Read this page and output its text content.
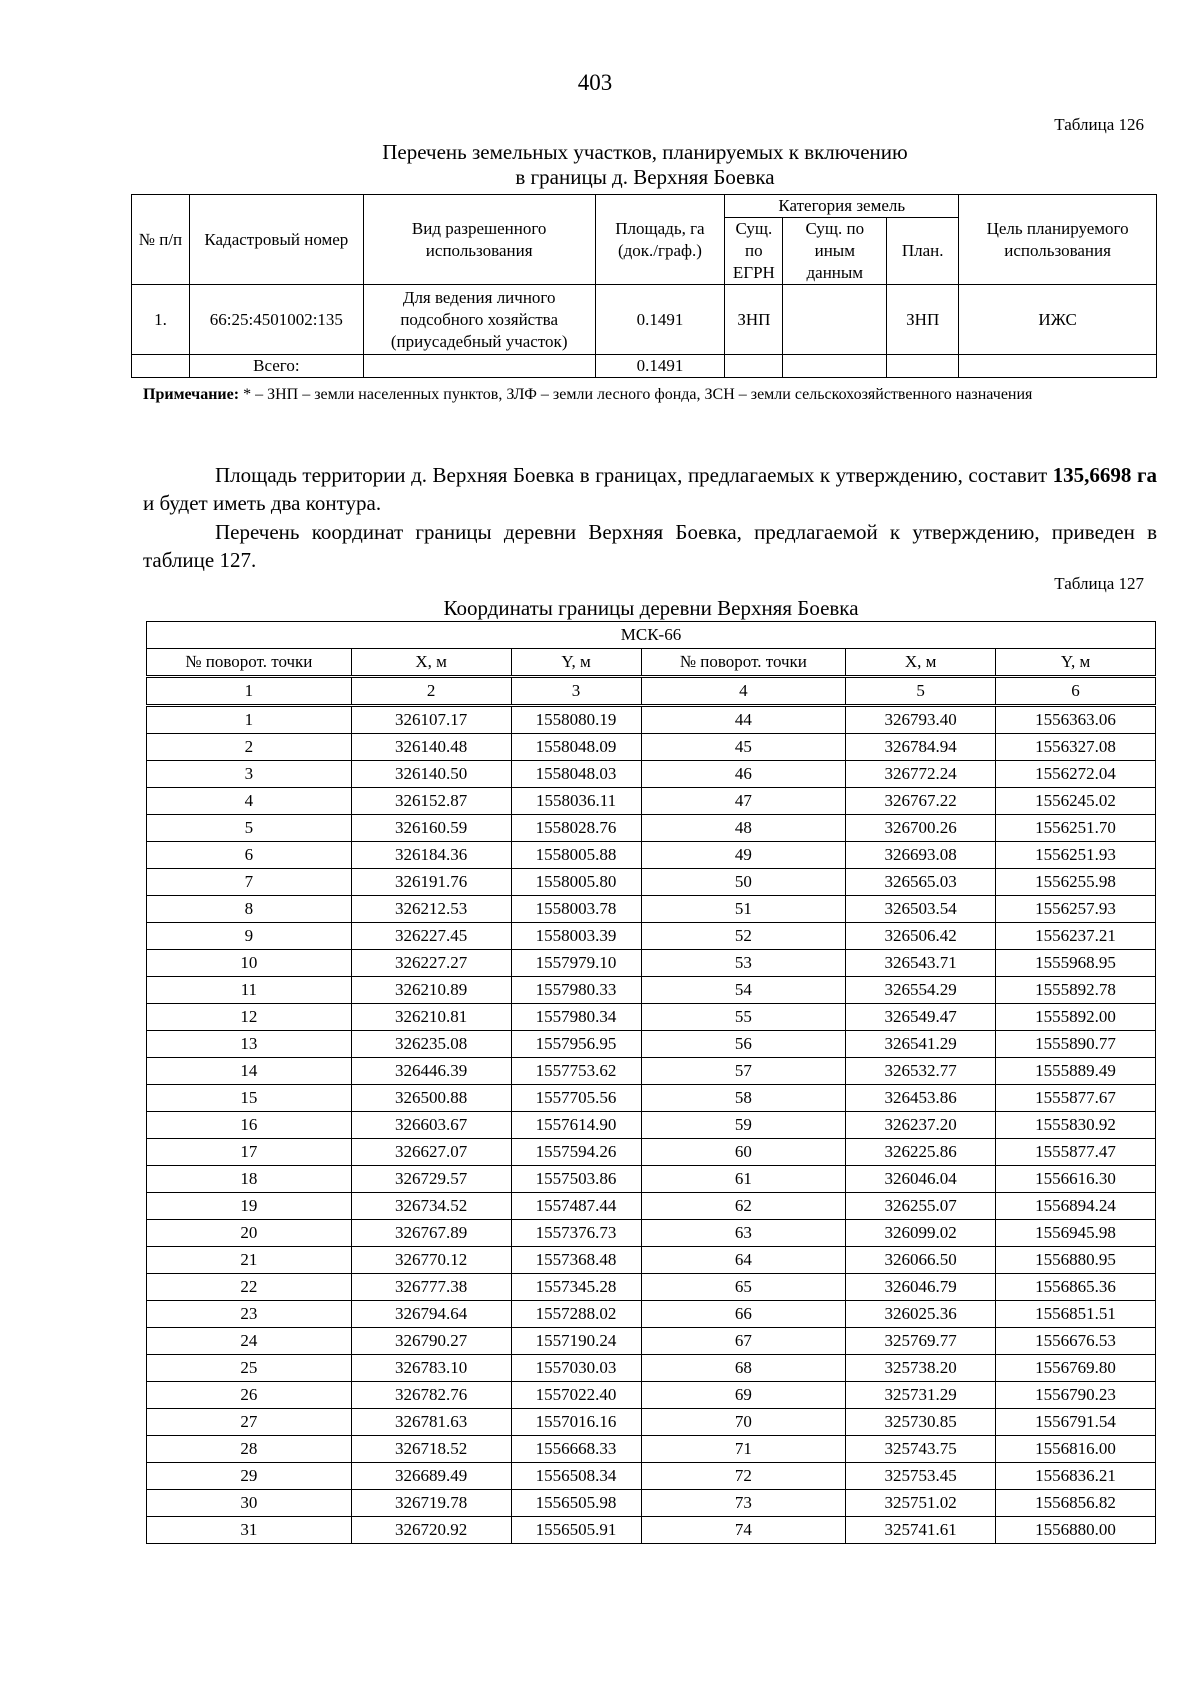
403
Таблица 126
Перечень земельных участков, планируемых к включению
в границы д. Верхняя Боевка
№ п/п	Кадастровый номер	Вид разрешенного использования	Площадь, га (док./граф.)	Категория земель			Цель планируемого использования
				Сущ. по ЕГРН	Сущ. по иным данным	План.	
1.	66:25:4501002:135	Для ведения личного подсобного хозяйства (приусадебный участок)	0.1491	ЗНП		ЗНП	ИЖС
	Всего:		0.1491				
Примечание: * – ЗНП – земли населенных пунктов, ЗЛФ – земли лесного фонда, ЗСН – земли сельскохозяйственного назначения
Площадь территории д. Верхняя Боевка в границах, предлагаемых к утверждению, составит 135,6698 га и будет иметь два контура.
Перечень координат границы деревни Верхняя Боевка, предлагаемой к утверждению, приведен в таблице 127.
Таблица 127
Координаты границы деревни Верхняя Боевка
МСК-66					
№ поворот. точки	X, м	Y, м	№ поворот. точки	X, м	Y, м
1	2	3	4	5	6
1	326107.17	1558080.19	44	326793.40	1556363.06
2	326140.48	1558048.09	45	326784.94	1556327.08
3	326140.50	1558048.03	46	326772.24	1556272.04
4	326152.87	1558036.11	47	326767.22	1556245.02
5	326160.59	1558028.76	48	326700.26	1556251.70
6	326184.36	1558005.88	49	326693.08	1556251.93
7	326191.76	1558005.80	50	326565.03	1556255.98
8	326212.53	1558003.78	51	326503.54	1556257.93
9	326227.45	1558003.39	52	326506.42	1556237.21
10	326227.27	1557979.10	53	326543.71	1555968.95
11	326210.89	1557980.33	54	326554.29	1555892.78
12	326210.81	1557980.34	55	326549.47	1555892.00
13	326235.08	1557956.95	56	326541.29	1555890.77
14	326446.39	1557753.62	57	326532.77	1555889.49
15	326500.88	1557705.56	58	326453.86	1555877.67
16	326603.67	1557614.90	59	326237.20	1555830.92
17	326627.07	1557594.26	60	326225.86	1555877.47
18	326729.57	1557503.86	61	326046.04	1556616.30
19	326734.52	1557487.44	62	326255.07	1556894.24
20	326767.89	1557376.73	63	326099.02	1556945.98
21	326770.12	1557368.48	64	326066.50	1556880.95
22	326777.38	1557345.28	65	326046.79	1556865.36
23	326794.64	1557288.02	66	326025.36	1556851.51
24	326790.27	1557190.24	67	325769.77	1556676.53
25	326783.10	1557030.03	68	325738.20	1556769.80
26	326782.76	1557022.40	69	325731.29	1556790.23
27	326781.63	1557016.16	70	325730.85	1556791.54
28	326718.52	1556668.33	71	325743.75	1556816.00
29	326689.49	1556508.34	72	325753.45	1556836.21
30	326719.78	1556505.98	73	325751.02	1556856.82
31	326720.92	1556505.91	74	325741.61	1556880.00
